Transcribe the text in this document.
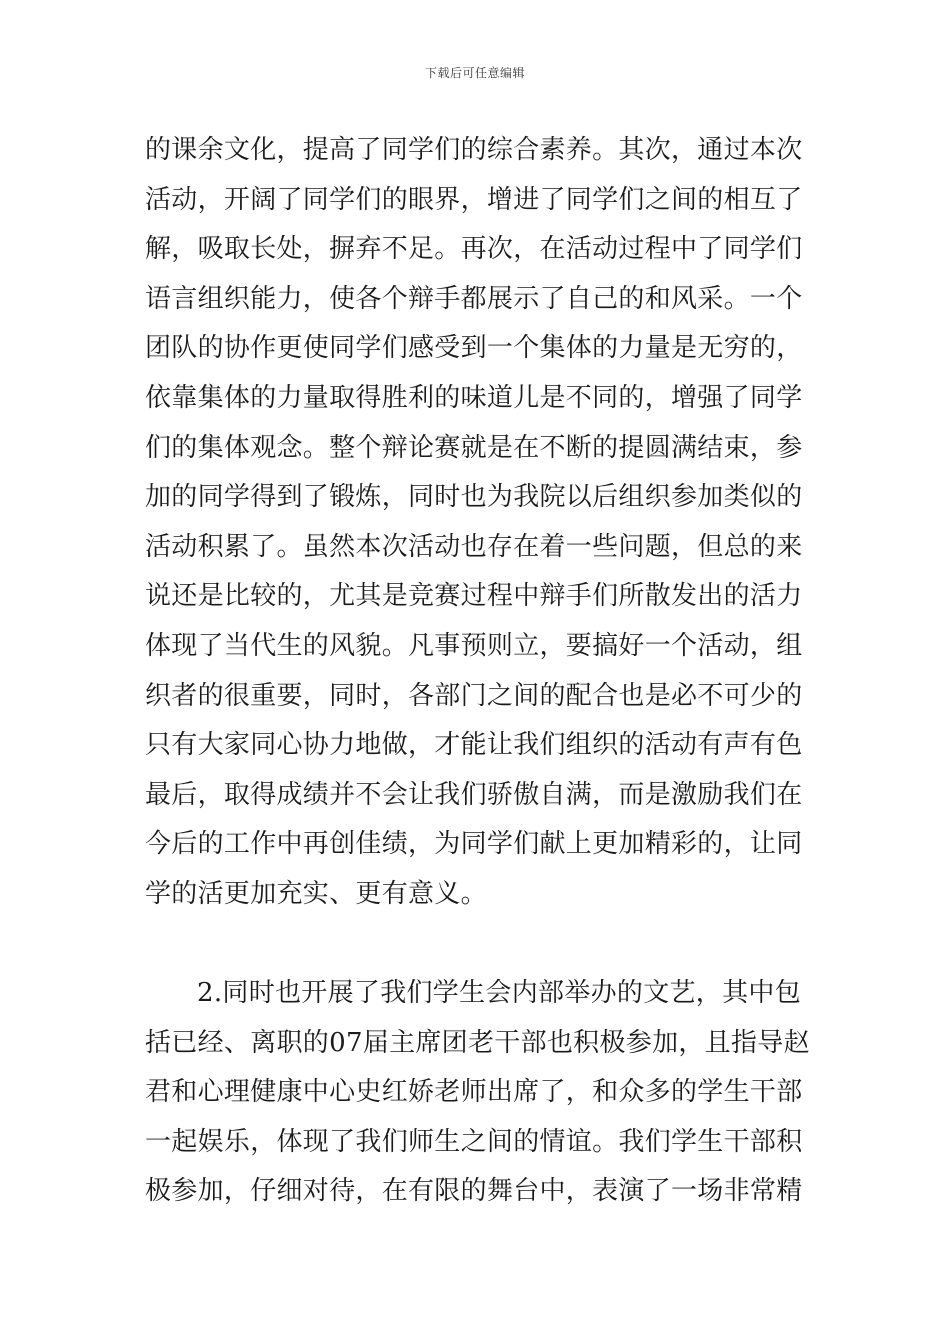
下载后可任意编辑
的课余文化，提高了同学们的综合素养。其次，通过本次
活动，开阔了同学们的眼界，增进了同学们之间的相互了
解，吸取长处，摒弃不足。再次，在活动过程中了同学们
语言组织能力，使各个辩手都展示了自己的和风采。一个
团队的协作更使同学们感受到一个集体的力量是无穷的，
依靠集体的力量取得胜利的味道儿是不同的，增强了同学
们的集体观念。整个辩论赛就是在不断的提圆满结束，参
加的同学得到了锻炼，同时也为我院以后组织参加类似的
活动积累了。虽然本次活动也存在着一些问题，但总的来
说还是比较的，尤其是竞赛过程中辩手们所散发出的活力
体现了当代生的风貌。凡事预则立，要搞好一个活动，组
织者的很重要，同时，各部门之间的配合也是必不可少的
只有大家同心协力地做，才能让我们组织的活动有声有色
最后，取得成绩并不会让我们骄傲自满，而是激励我们在
今后的工作中再创佳绩，为同学们献上更加精彩的，让同
学的活更加充实、更有意义。
2.同时也开展了我们学生会内部举办的文艺，其中包
括已经、离职的07届主席团老干部也积极参加，且指导赵
君和心理健康中心史红娇老师出席了，和众多的学生干部
一起娱乐，体现了我们师生之间的情谊。我们学生干部积
极参加，仔细对待，在有限的舞台中，表演了一场非常精
